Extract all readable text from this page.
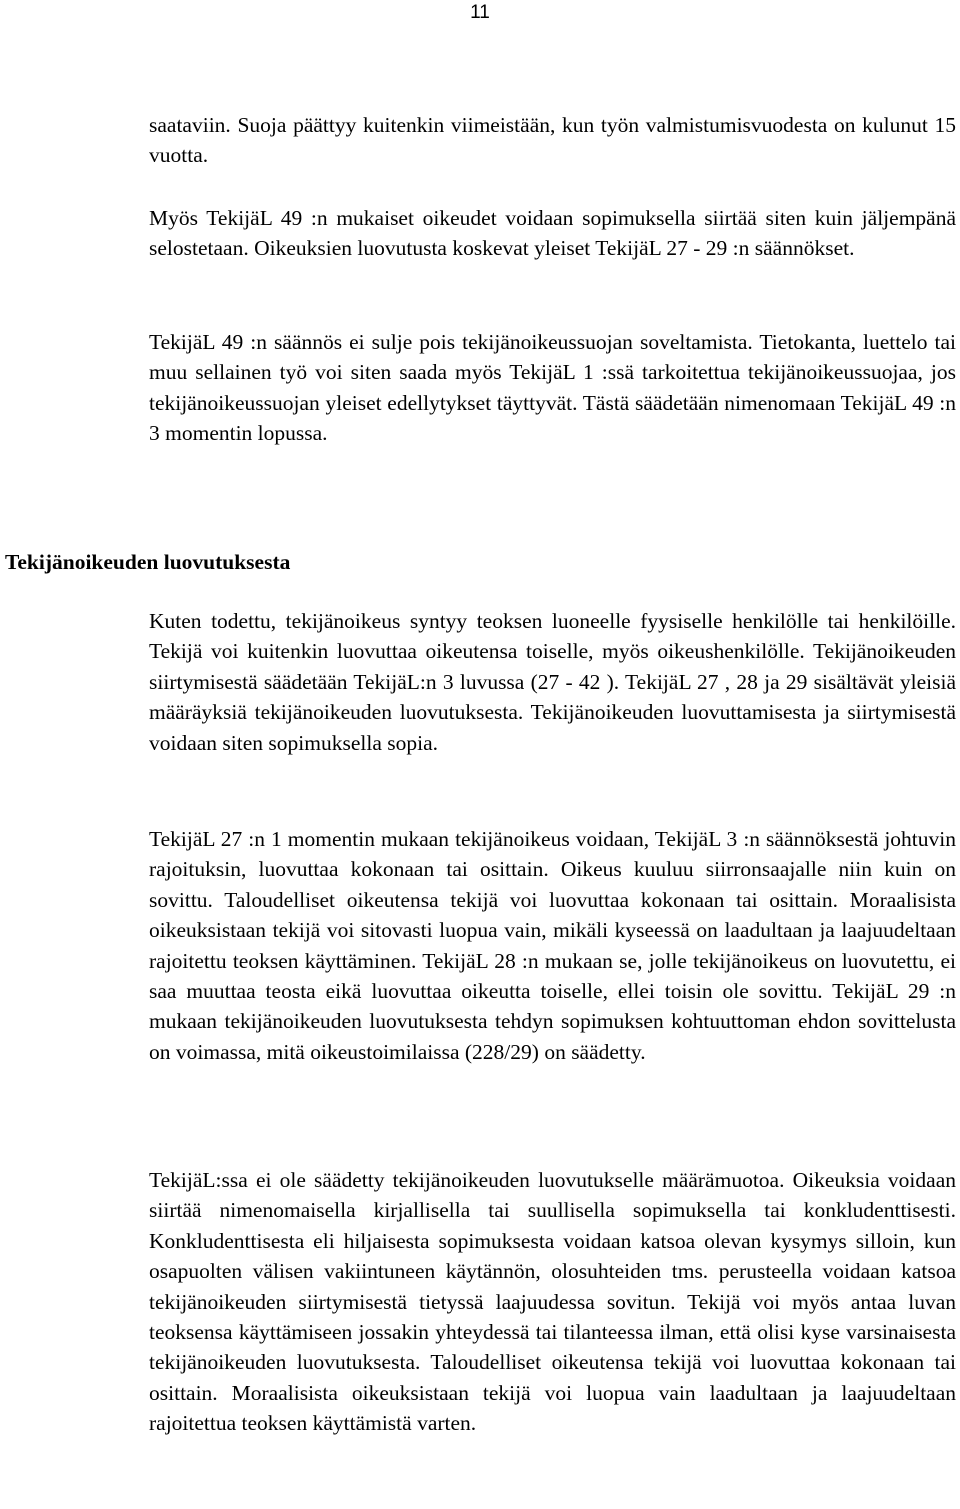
11

saataviin. Suoja päättyy kuitenkin viimeistään, kun työn valmistumisvuodesta on kulunut 15 vuotta.

Myös TekijäL 49 :n mukaiset oikeudet voidaan sopimuksella siirtää siten kuin jäljempänä selostetaan. Oikeuksien luovutusta koskevat yleiset TekijäL 27 - 29 :n säännökset.

TekijäL 49 :n säännös ei sulje pois tekijänoikeussuojan soveltamista. Tietokanta, luettelo tai muu sellainen työ voi siten saada myös TekijäL 1 :ssä tarkoitettua tekijänoikeussuojaa, jos tekijänoikeussuojan yleiset edellytykset täyttyvät. Tästä säädetään nimenomaan TekijäL 49 :n 3 momentin lopussa.

Tekijänoikeuden luovutuksesta

Kuten todettu, tekijänoikeus syntyy teoksen luoneelle fyysiselle henkilölle tai henkilöille. Tekijä voi kuitenkin luovuttaa oikeutensa toiselle, myös oikeushenkilölle. Tekijänoikeuden siirtymisestä säädetään TekijäL:n 3 luvussa (27 - 42 ). TekijäL 27 , 28 ja 29 sisältävät yleisiä määräyksiä tekijänoikeuden luovutuksesta. Tekijänoikeuden luovuttamisesta ja siirtymisestä voidaan siten sopimuksella sopia.

TekijäL 27 :n 1 momentin mukaan tekijänoikeus voidaan, TekijäL 3 :n säännöksestä johtuvin rajoituksin, luovuttaa kokonaan tai osittain. Oikeus kuuluu siirronsaajalle niin kuin on sovittu. Taloudelliset oikeutensa tekijä voi luovuttaa kokonaan tai osittain. Moraalisista oikeuksistaan tekijä voi sitovasti luopua vain, mikäli kyseessä on laadultaan ja laajuudeltaan rajoitettu teoksen käyttäminen. TekijäL 28 :n mukaan se, jolle tekijänoikeus on luovutettu, ei saa muuttaa teosta eikä luovuttaa oikeutta toiselle, ellei toisin ole sovittu. TekijäL 29 :n mukaan tekijänoikeuden luovutuksesta tehdyn sopimuksen kohtuuttoman ehdon sovittelusta on voimassa, mitä oikeustoimilaissa (228/29) on säädetty.

TekijäL:ssa ei ole säädetty tekijänoikeuden luovutukselle määrämuotoa. Oikeuksia voidaan siirtää nimenomaisella kirjallisella tai suullisella sopimuksella tai konkludenttisesti. Konkludenttisesta eli hiljaisesta sopimuksesta voidaan katsoa olevan kysymys silloin, kun osapuolten välisen vakiintuneen käytännön, olosuhteiden tms. perusteella voidaan katsoa tekijänoikeuden siirtymisestä tietyssä laajuudessa sovitun. Tekijä voi myös antaa luvan teoksensa käyttämiseen jossakin yhteydessä tai tilanteessa ilman, että olisi kyse varsinaisesta tekijänoikeuden luovutuksesta. Taloudelliset oikeutensa tekijä voi luovuttaa kokonaan tai osittain. Moraalisista oikeuksistaan tekijä voi luopua vain laadultaan ja laajuudeltaan rajoitettua teoksen käyttämistä varten.
